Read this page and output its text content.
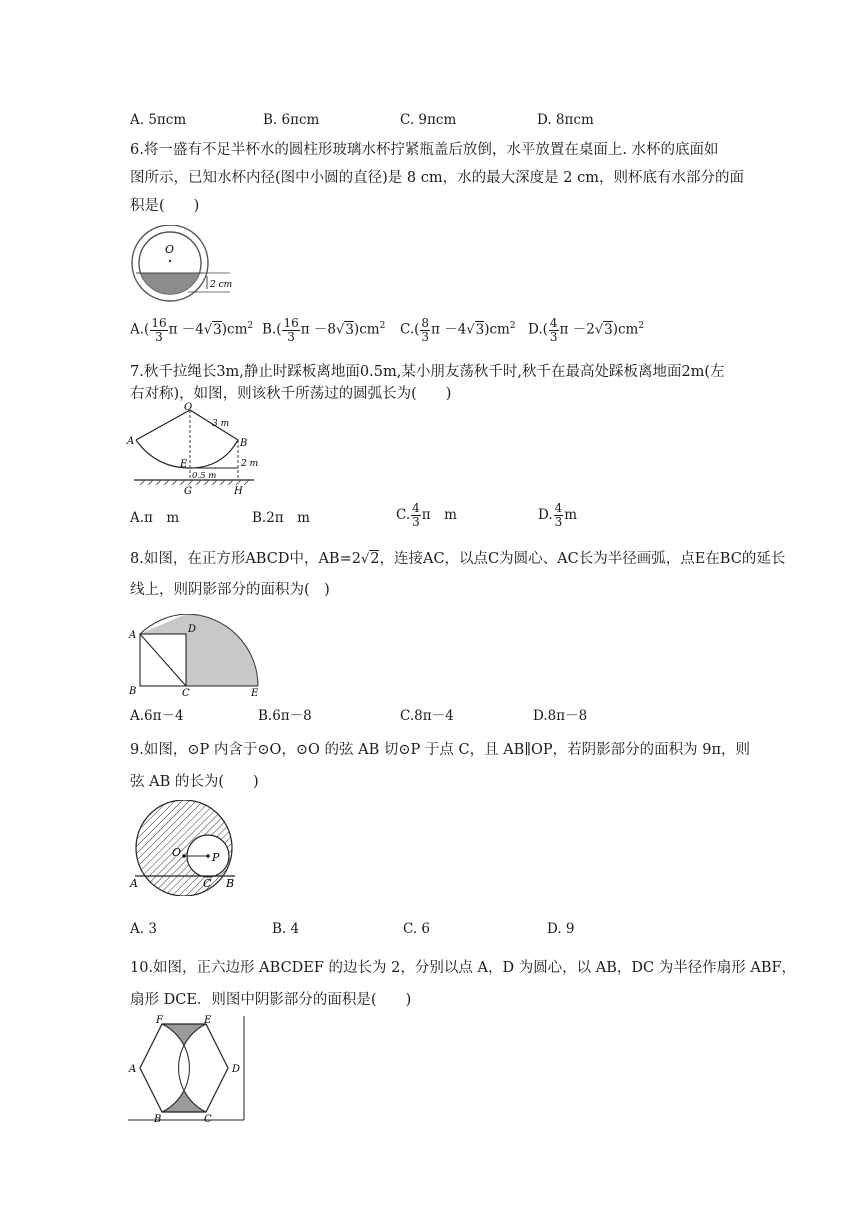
A. 5πcm	B. 6πcm	C. 9πcm	D. 8πcm
6.将一盛有不足半杯水的圆柱形玻璃水杯拧紧瓶盖后放倒，水平放置在桌面上. 水杯的底面如
图所示，已知水杯内径(图中小圆的直径)是 8 cm，水的最大深度是 2 cm，则杯底有水部分的面
积是(　　)
O
2 cm
$A.( \frac{16}{3}$ $\pi -4√3)cm^2$ $B.( \frac{16}{3}$ $\pi -8√3)cm^2$ $C.( \frac{8}{3}$ $\pi -4√3)cm^2$ $D.( \frac{4}{3}$ $\pi -2√3)cm^2$
7.秋千拉绳长3m,静止时踩板离地面0.5m,某小朋友荡秋千时,秋千在最高处踩板离地面2m(左
右对称)，如图，则该秋千所荡过的圆弧长为(　　)
O
A	B
E
G	H
3 m
0.5 m
2 m
A.π　m	B.2π　m	C. $\frac{4}{3}$ π　m	D. $\frac{4}{3}$ m
8.如图，在正方形ABCD中，AB=2√2，连接AC，以点C为圆心、AC长为半径画弧，点E在BC的延长
线上，则阴影部分的面积为(　)
A
D
B	C	E
A.6π－4	B.6π－8	C.8π－4	D.8π－8
9.如图，⊙P 内含于⊙O，⊙O 的弦 AB 切⊙P 于点 C，且 AB∥OP，若阴影部分的面积为 9π，则
弦 AB 的长为(　　)
O	P
A	C B
A. 3	B. 4	C. 6	D. 9
10.如图，正六边形 ABCDEF 的边长为 2，分别以点 A，D 为圆心，以 AB，DC 为半径作扇形 ABF，
扇形 DCE．则图中阴影部分的面积是(　　)
F	E
A	D
B	C
